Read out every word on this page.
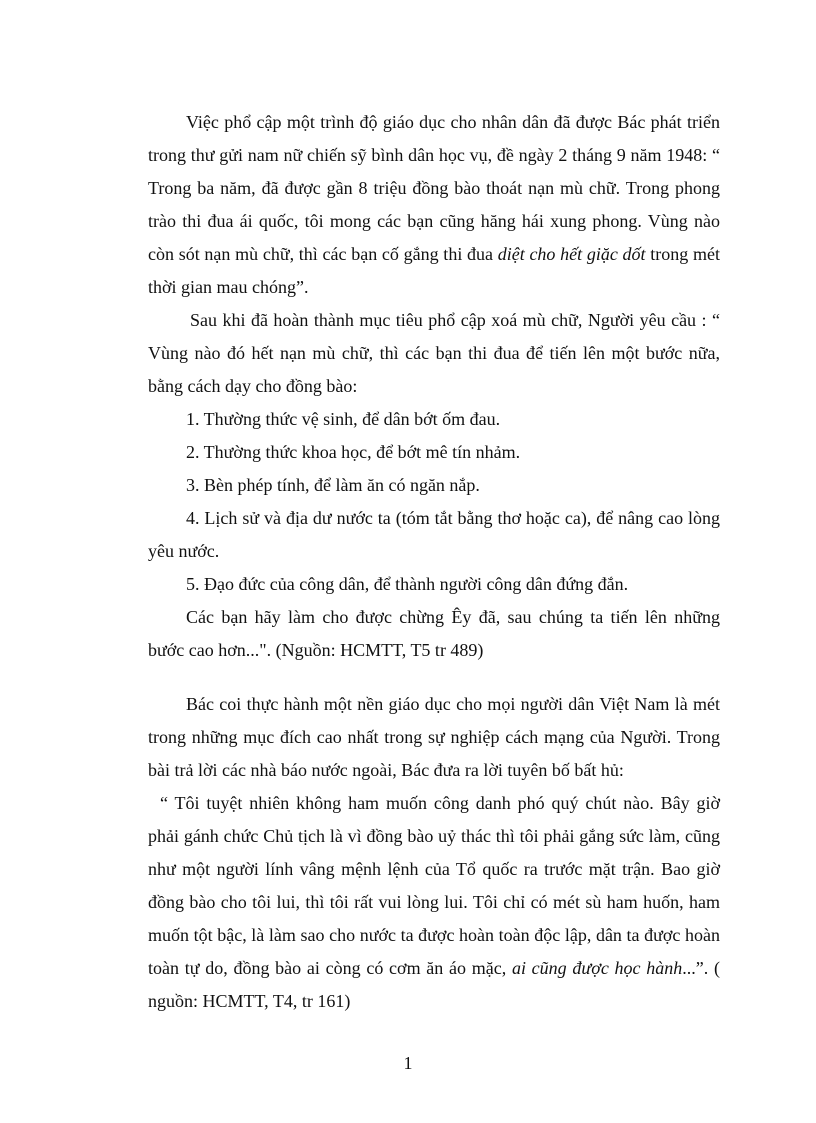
Việc phổ cập một trình độ giáo dục cho nhân dân đã được Bác phát triển trong thư gửi nam nữ chiến sỹ bình dân học vụ, đề ngày 2 tháng 9 năm 1948: “ Trong ba năm, đã được gần 8 triệu đồng bào thoát nạn mù chữ. Trong phong trào thi đua ái quốc, tôi mong các bạn cũng hăng hái xung phong. Vùng nào còn sót nạn mù chữ, thì các bạn cố gắng thi đua diệt cho hết giặc dốt trong mét thời gian mau chóng”.

Sau khi đã hoàn thành mục tiêu phổ cập xoá mù chữ, Người yêu cầu : “ Vùng nào đó hết nạn mù chữ, thì các bạn thi đua để tiến lên một bước nữa, bằng cách dạy cho đồng bào:

1. Thường thức vệ sinh, để dân bớt ốm đau.

2. Thường thức khoa học, để bớt mê tín nhảm.

3. Bèn phép tính, để làm ăn có ngăn nắp.

4. Lịch sử và địa dư nước ta (tóm tắt bằng thơ hoặc ca), để nâng cao lòng yêu nước.

5. Đạo đức của công dân, để thành người công dân đứng đắn.

Các bạn hãy làm cho được chừng Êy đã, sau chúng ta tiến lên những bước cao hơn...". (Nguồn: HCMTT, T5 tr 489)

Bác coi thực hành một nền giáo dục cho mọi người dân Việt Nam là mét trong những mục đích cao nhất trong sự nghiệp cách mạng của Người. Trong bài trả lời các nhà báo nước ngoài, Bác đưa ra lời tuyên bố bất hủ:

“ Tôi tuyệt nhiên không ham muốn công danh phó quý chút nào. Bây giờ phải gánh chức Chủ tịch là vì đồng bào uỷ thác thì tôi phải gắng sức làm, cũng như một người lính vâng mệnh lệnh của Tổ quốc ra trước mặt trận. Bao giờ đồng bào cho tôi lui, thì tôi rất vui lòng lui. Tôi chỉ có mét sù ham huốn, ham muốn tột bậc, là làm sao cho nước ta được hoàn toàn độc lập, dân ta được hoàn toàn tự do, đồng bào ai còng có cơm ăn áo mặc, ai cũng được học hành...”. ( nguồn: HCMTT, T4, tr 161)

1
